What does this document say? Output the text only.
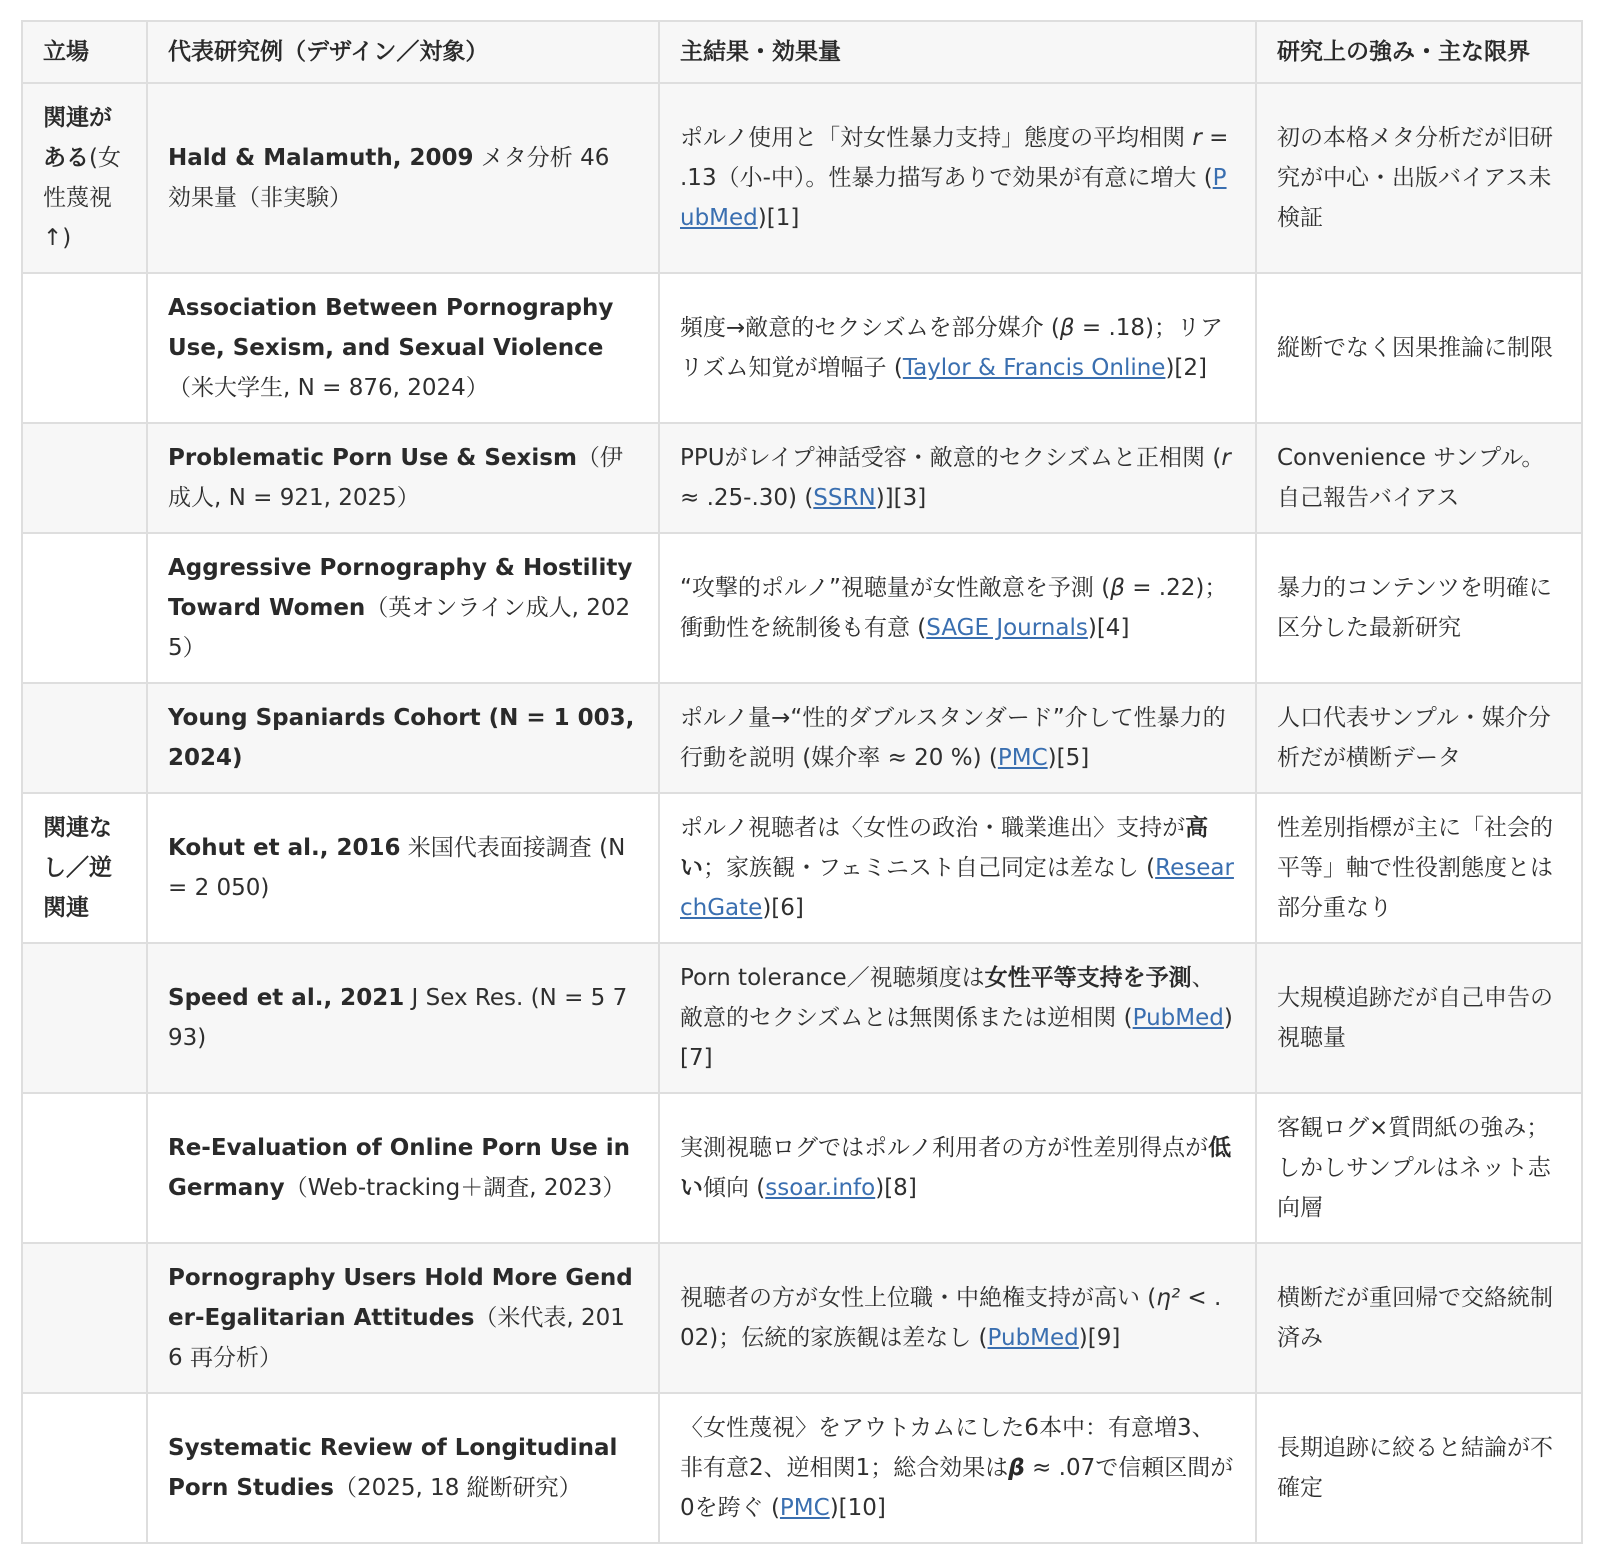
立場	代表研究例（デザイン／対象）	主結果・効果量	研究上の強み・主な限界
関連がある(女性蔑視↑)	Hald & Malamuth, 2009 メタ分析 46 効果量（非実験）	ポルノ使用と「対女性暴力支持」態度の平均相関 r = .13（小-中）。性暴力描写ありで効果が有意に増大 (PubMed)[1]	初の本格メタ分析だが旧研究が中心・出版バイアス未検証
	Association Between Pornography Use, Sexism, and Sexual Violence（米大学生, N = 876, 2024）	頻度→敵意的セクシズムを部分媒介 (β = .18)；リアリズム知覚が増幅子 (Taylor & Francis Online)[2]	縦断でなく因果推論に制限
	Problematic Porn Use & Sexism（伊成人, N = 921, 2025）	PPUがレイプ神話受容・敵意的セクシズムと正相関 (r ≈ .25-.30) (SSRN)][3]	Convenience サンプル。自己報告バイアス
	Aggressive Pornography & Hostility Toward Women（英オンライン成人, 2025）	“攻撃的ポルノ”視聴量が女性敵意を予測 (β = .22)；衝動性を統制後も有意 (SAGE Journals)[4]	暴力的コンテンツを明確に区分した最新研究
	Young Spaniards Cohort (N = 1 003, 2024)	ポルノ量→“性的ダブルスタンダード”介して性暴力的行動を説明 (媒介率 ≈ 20 %) (PMC)[5]	人口代表サンプル・媒介分析だが横断データ
関連なし／逆関連	Kohut et al., 2016 米国代表面接調査 (N = 2 050)	ポルノ視聴者は〈女性の政治・職業進出〉支持が高い；家族観・フェミニスト自己同定は差なし (ResearchGate)[6]	性差別指標が主に「社会的平等」軸で性役割態度とは部分重なり
	Speed et al., 2021 J Sex Res. (N = 5 793)	Porn tolerance／視聴頻度は女性平等支持を予測、敵意的セクシズムとは無関係または逆相関 (PubMed)[7]	大規模追跡だが自己申告の視聴量
	Re-Evaluation of Online Porn Use in Germany（Web-tracking＋調査, 2023）	実測視聴ログではポルノ利用者の方が性差別得点が低い傾向 (ssoar.info)[8]	客観ログ×質問紙の強み；しかしサンプルはネット志向層
	Pornography Users Hold More Gender-Egalitarian Attitudes（米代表, 2016 再分析）	視聴者の方が女性上位職・中絶権支持が高い (η² < .02)；伝統的家族観は差なし (PubMed)[9]	横断だが重回帰で交絡統制済み
	Systematic Review of Longitudinal Porn Studies（2025, 18 縦断研究）	〈女性蔑視〉をアウトカムにした6本中：有意増3、非有意2、逆相関1；総合効果はβ ≈ .07で信頼区間が0を跨ぐ (PMC)[10]	長期追跡に絞ると結論が不確定
